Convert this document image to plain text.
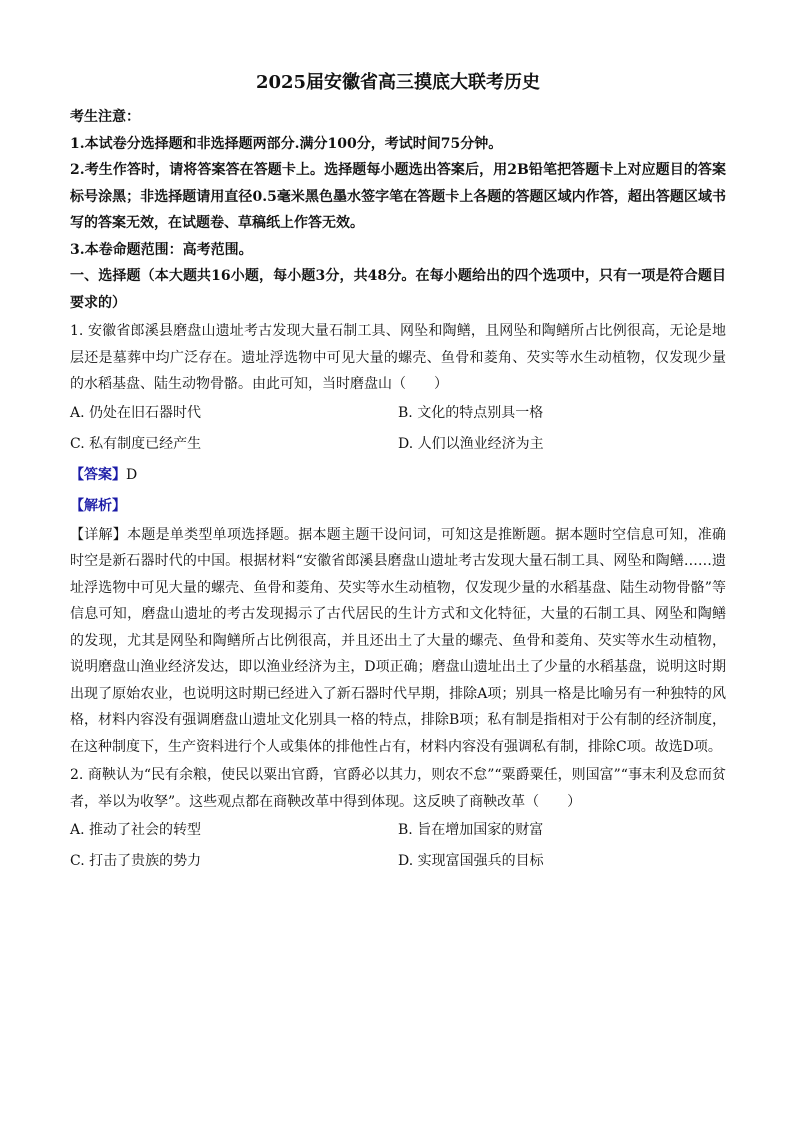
2025届安徽省高三摸底大联考历史

考生注意：

1.本试卷分选择题和非选择题两部分.满分100分，考试时间75分钟。

2.考生作答时，请将答案答在答题卡上。选择题每小题选出答案后，用2B铅笔把答题卡上对应题目的答案标号涂黑；非选择题请用直径0.5毫米黑色墨水签字笔在答题卡上各题的答题区域内作答，超出答题区域书写的答案无效，在试题卷、草稿纸上作答无效。

3.本卷命题范围：高考范围。

一、选择题（本大题共16小题，每小题3分，共48分。在每小题给出的四个选项中，只有一项是符合题目要求的）

1. 安徽省郎溪县磨盘山遗址考古发现大量石制工具、网坠和陶鳝，且网坠和陶鳝所占比例很高，无论是地层还是墓葬中均广泛存在。遗址浮选物中可见大量的螺壳、鱼骨和菱角、芡实等水生动植物，仅发现少量的水稻基盘、陆生动物骨骼。由此可知，当时磨盘山（　　）

A. 仍处在旧石器时代	B. 文化的特点别具一格
C. 私有制度已经产生	D. 人们以渔业经济为主
【答案】D
【解析】

【详解】本题是单类型单项选择题。据本题主题干设问词，可知这是推断题。据本题时空信息可知，准确时空是新石器时代的中国。根据材料“安徽省郎溪县磨盘山遗址考古发现大量石制工具、网坠和陶鳝……遗址浮选物中可见大量的螺壳、鱼骨和菱角、芡实等水生动植物，仅发现少量的水稻基盘、陆生动物骨骼”等信息可知，磨盘山遗址的考古发现揭示了古代居民的生计方式和文化特征，大量的石制工具、网坠和陶鳝的发现，尤其是网坠和陶鳝所占比例很高，并且还出土了大量的螺壳、鱼骨和菱角、芡实等水生动植物，说明磨盘山渔业经济发达，即以渔业经济为主，D项正确；磨盘山遗址出土了少量的水稻基盘，说明这时期出现了原始农业，也说明这时期已经进入了新石器时代早期，排除A项；别具一格是比喻另有一种独特的风格，材料内容没有强调磨盘山遗址文化别具一格的特点，排除B项；私有制是指相对于公有制的经济制度，在这种制度下，生产资料进行个人或集体的排他性占有，材料内容没有强调私有制，排除C项。故选D项。

2. 商鞅认为“民有余粮，使民以粟出官爵，官爵必以其力，则农不怠”“粟爵粟任，则国富”“事末利及怠而贫者，举以为收孥”。这些观点都在商鞅改革中得到体现。这反映了商鞅改革（　　）

A. 推动了社会的转型	B. 旨在增加国家的财富
C. 打击了贵族的势力	D. 实现富国强兵的目标
